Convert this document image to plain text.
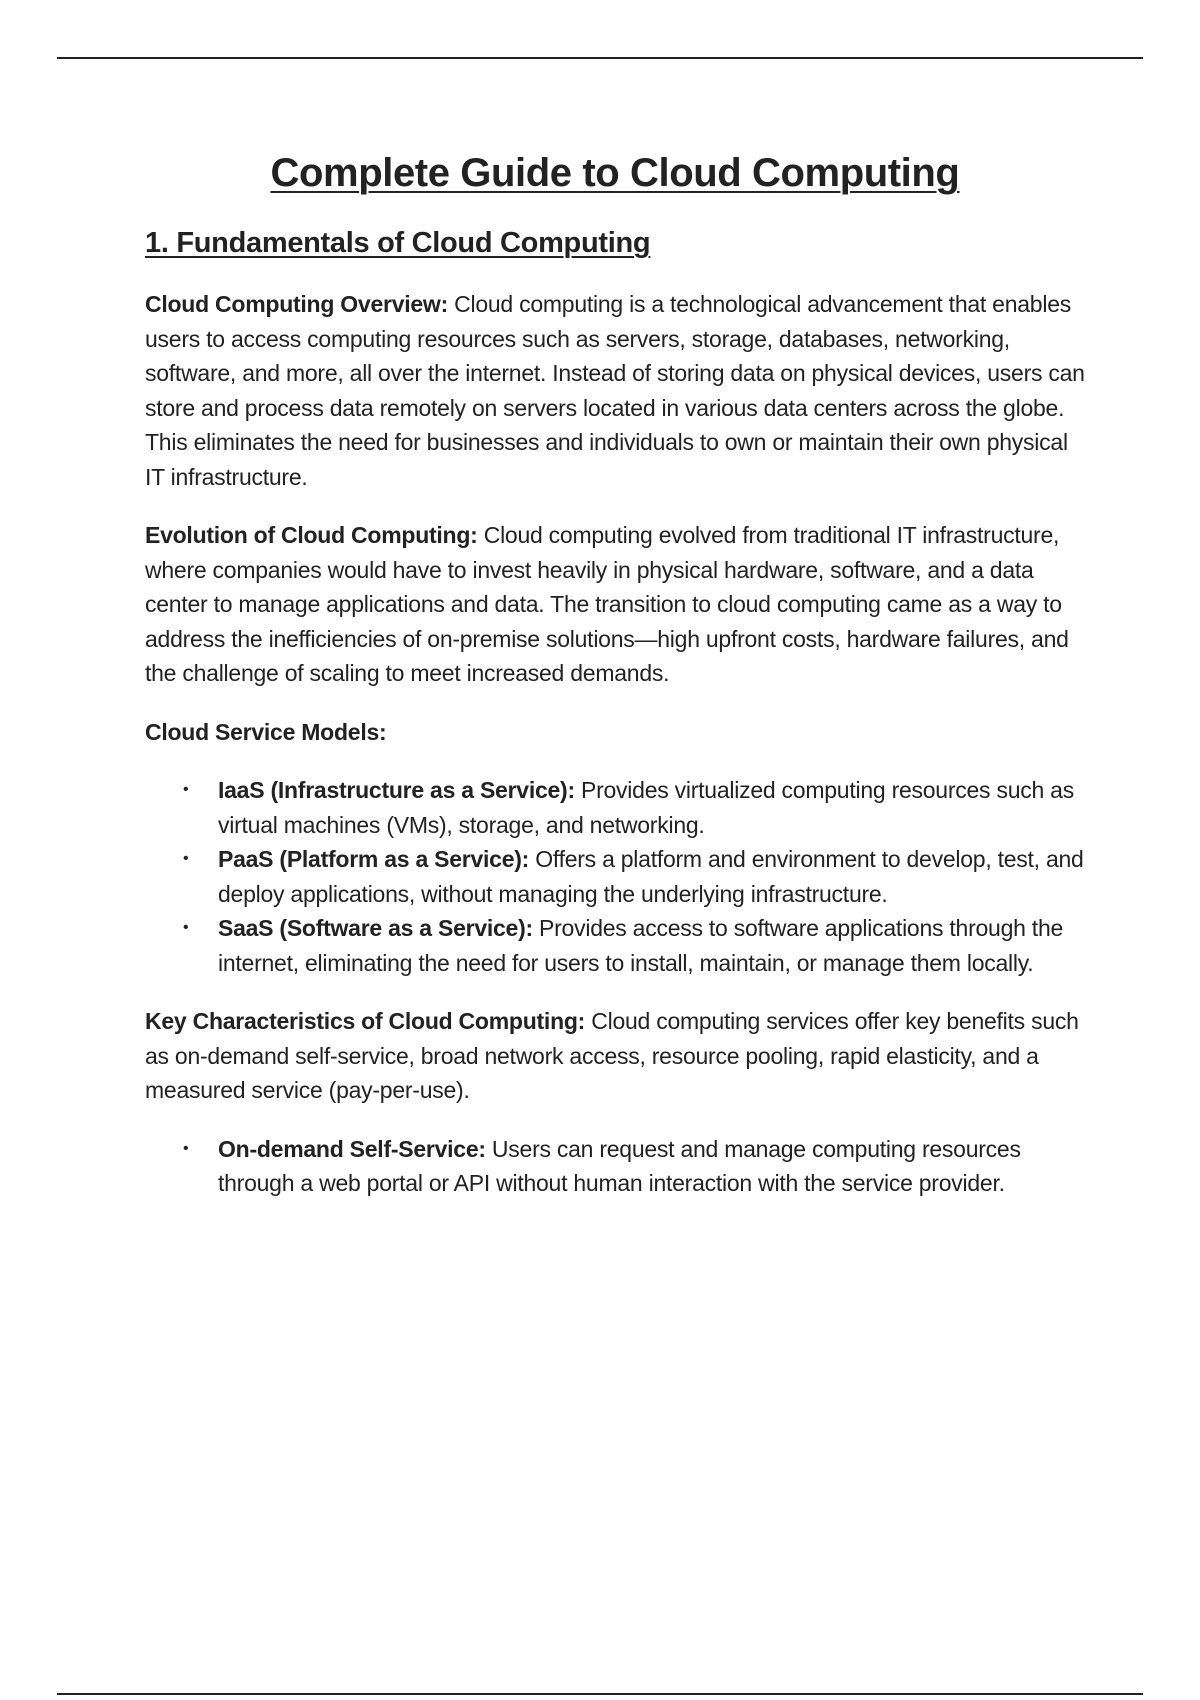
Complete Guide to Cloud Computing
1. Fundamentals of Cloud Computing

Cloud Computing Overview: Cloud computing is a technological advancement that enables users to access computing resources such as servers, storage, databases, networking, software, and more, all over the internet. Instead of storing data on physical devices, users can store and process data remotely on servers located in various data centers across the globe. This eliminates the need for businesses and individuals to own or maintain their own physical IT infrastructure.

Evolution of Cloud Computing: Cloud computing evolved from traditional IT infrastructure, where companies would have to invest heavily in physical hardware, software, and a data center to manage applications and data. The transition to cloud computing came as a way to address the inefficiencies of on-premise solutions—high upfront costs, hardware failures, and the challenge of scaling to meet increased demands.

Cloud Service Models:

• IaaS (Infrastructure as a Service): Provides virtualized computing resources such as virtual machines (VMs), storage, and networking.
• PaaS (Platform as a Service): Offers a platform and environment to develop, test, and deploy applications, without managing the underlying infrastructure.
• SaaS (Software as a Service): Provides access to software applications through the internet, eliminating the need for users to install, maintain, or manage them locally.

Key Characteristics of Cloud Computing: Cloud computing services offer key benefits such as on-demand self-service, broad network access, resource pooling, rapid elasticity, and a measured service (pay-per-use).

• On-demand Self-Service: Users can request and manage computing resources through a web portal or API without human interaction with the service provider.
